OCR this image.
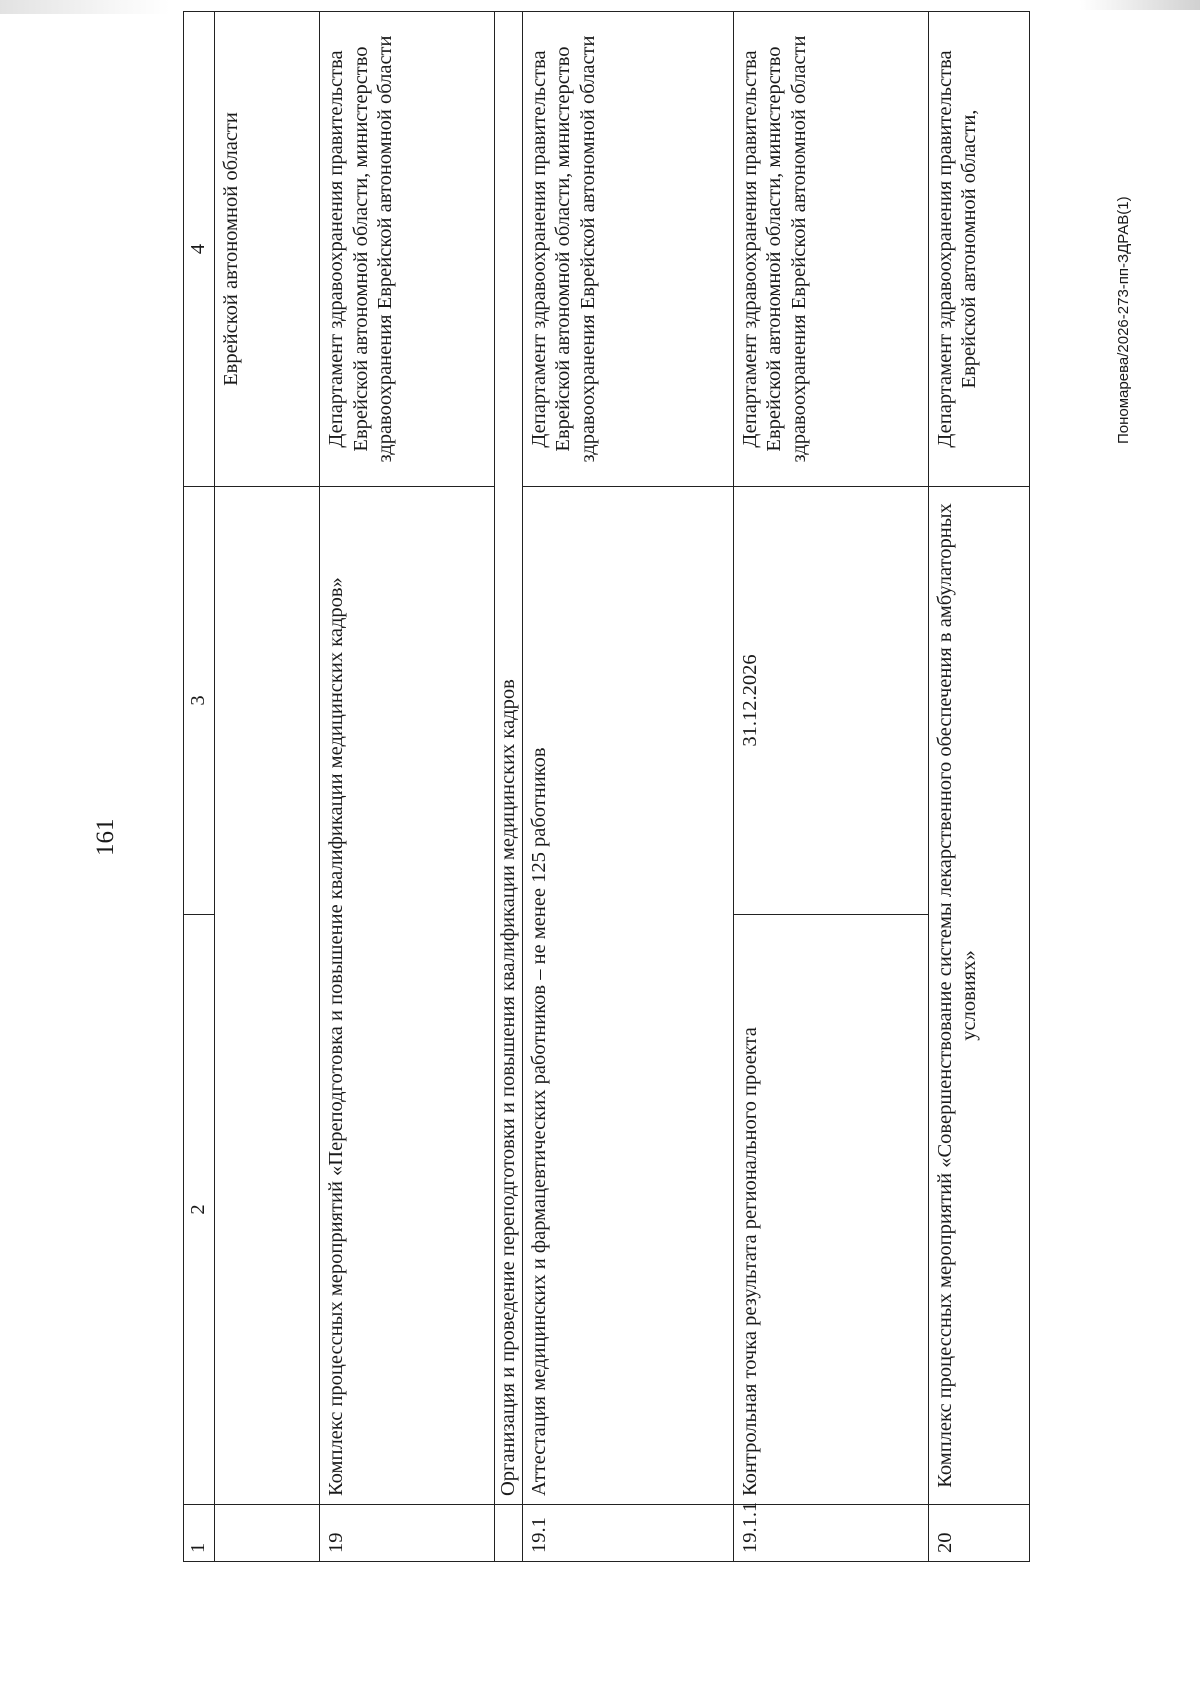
161
1	2	3	4
			Еврейской автономной области
19	Комплекс процессных мероприятий «Переподготовка и повышение квалификации медицинских кадров»		Департамент здравоохранения правительства Еврейской автономной области, министерство здравоохранения Еврейской автономной области
	Организация и проведение переподготовки и повышения квалификации медицинских кадров		
19.1	Аттестация медицинских и фармацевтических работников – не менее 125 работников		Департамент здравоохранения правительства Еврейской автономной области, министерство здравоохранения Еврейской автономной области
19.1.1	Контрольная точка результата регионального проекта	31.12.2026	Департамент здравоохранения правительства Еврейской автономной области, министерство здравоохранения Еврейской автономной области
20	Комплекс процессных мероприятий «Совершенствование системы лекарственного обеспечения в амбулаторных условиях»		Департамент здравоохранения правительства Еврейской автономной области,	Пономарева/2026-273-пп-ЗДРАВ(1)
